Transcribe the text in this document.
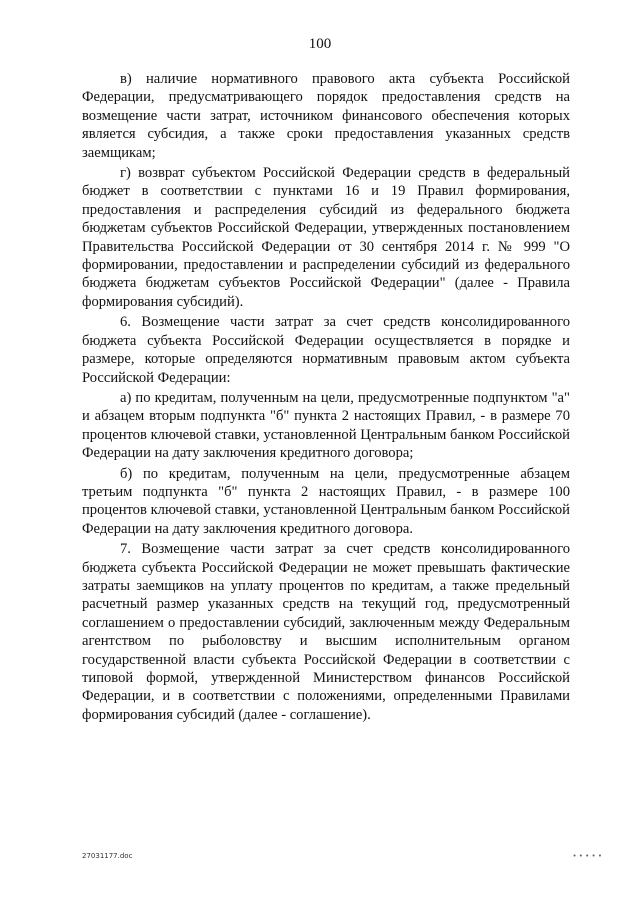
100

в) наличие нормативного правового акта субъекта Российской Федерации, предусматривающего порядок предоставления средств на возмещение части затрат, источником финансового обеспечения которых является субсидия, а также сроки предоставления указанных средств заемщикам;

г) возврат субъектом Российской Федерации средств в федеральный бюджет в соответствии с пунктами 16 и 19 Правил формирования, предоставления и распределения субсидий из федерального бюджета бюджетам субъектов Российской Федерации, утвержденных постановлением Правительства Российской Федерации от 30 сентября 2014 г. № 999 "О формировании, предоставлении и распределении субсидий из федерального бюджета бюджетам субъектов Российской Федерации" (далее - Правила формирования субсидий).

6. Возмещение части затрат за счет средств консолидированного бюджета субъекта Российской Федерации осуществляется в порядке и размере, которые определяются нормативным правовым актом субъекта Российской Федерации:

а) по кредитам, полученным на цели, предусмотренные подпунктом "а" и абзацем вторым подпункта "б" пункта 2 настоящих Правил, - в размере 70 процентов ключевой ставки, установленной Центральным банком Российской Федерации на дату заключения кредитного договора;

б) по кредитам, полученным на цели, предусмотренные абзацем третьим подпункта "б" пункта 2 настоящих Правил, - в размере 100 процентов ключевой ставки, установленной Центральным банком Российской Федерации на дату заключения кредитного договора.

7. Возмещение части затрат за счет средств консолидированного бюджета субъекта Российской Федерации не может превышать фактические затраты заемщиков на уплату процентов по кредитам, а также предельный расчетный размер указанных средств на текущий год, предусмотренный соглашением о предоставлении субсидий, заключенным между Федеральным агентством по рыболовству и высшим исполнительным органом государственной власти субъекта Российской Федерации в соответствии с типовой формой, утвержденной Министерством финансов Российской Федерации, и в соответствии с положениями, определенными Правилами формирования субсидий (далее - соглашение).

27031177.doc	• • • • •
